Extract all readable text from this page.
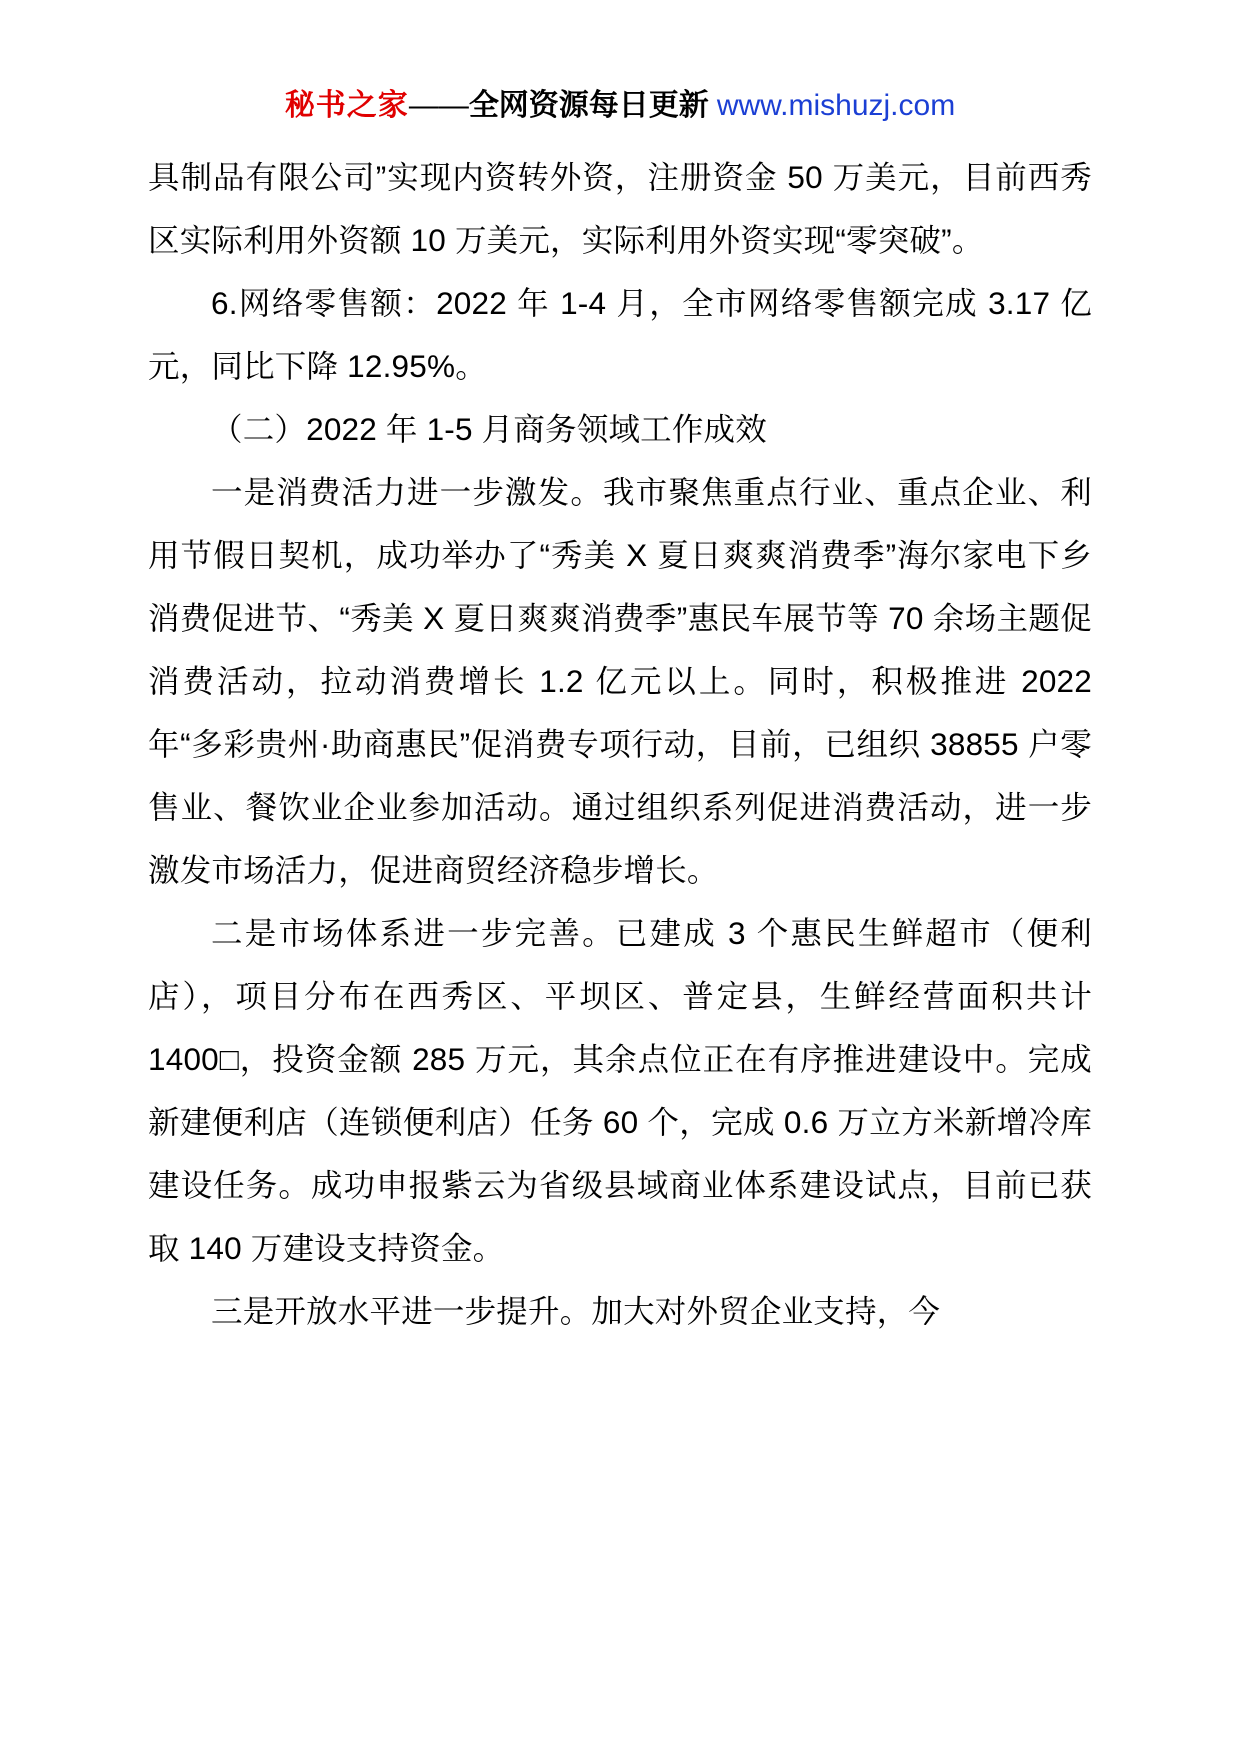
秘书之家——全网资源每日更新 www.mishuzj.com

具制品有限公司”实现内资转外资，注册资金 50 万美元，目前西秀区实际利用外资额 10 万美元，实际利用外资实现“零突破”。

6.网络零售额：2022 年 1-4 月，全市网络零售额完成 3.17 亿元，同比下降 12.95%。

（二）2022 年 1-5 月商务领域工作成效

一是消费活力进一步激发。我市聚焦重点行业、重点企业、利用节假日契机，成功举办了“秀美 X 夏日爽爽消费季”海尔家电下乡消费促进节、“秀美 X 夏日爽爽消费季”惠民车展节等 70 余场主题促消费活动，拉动消费增长 1.2 亿元以上。同时，积极推进 2022 年“多彩贵州·助商惠民”促消费专项行动，目前，已组织 38855 户零售业、餐饮业企业参加活动。通过组织系列促进消费活动，进一步激发市场活力，促进商贸经济稳步增长。

二是市场体系进一步完善。已建成 3 个惠民生鲜超市（便利店），项目分布在西秀区、平坝区、普定县，生鲜经营面积共计 1400□，投资金额 285 万元，其余点位正在有序推进建设中。完成新建便利店（连锁便利店）任务 60 个，完成 0.6 万立方米新增冷库建设任务。成功申报紫云为省级县域商业体系建设试点，目前已获取 140 万建设支持资金。

三是开放水平进一步提升。加大对外贸企业支持，今
